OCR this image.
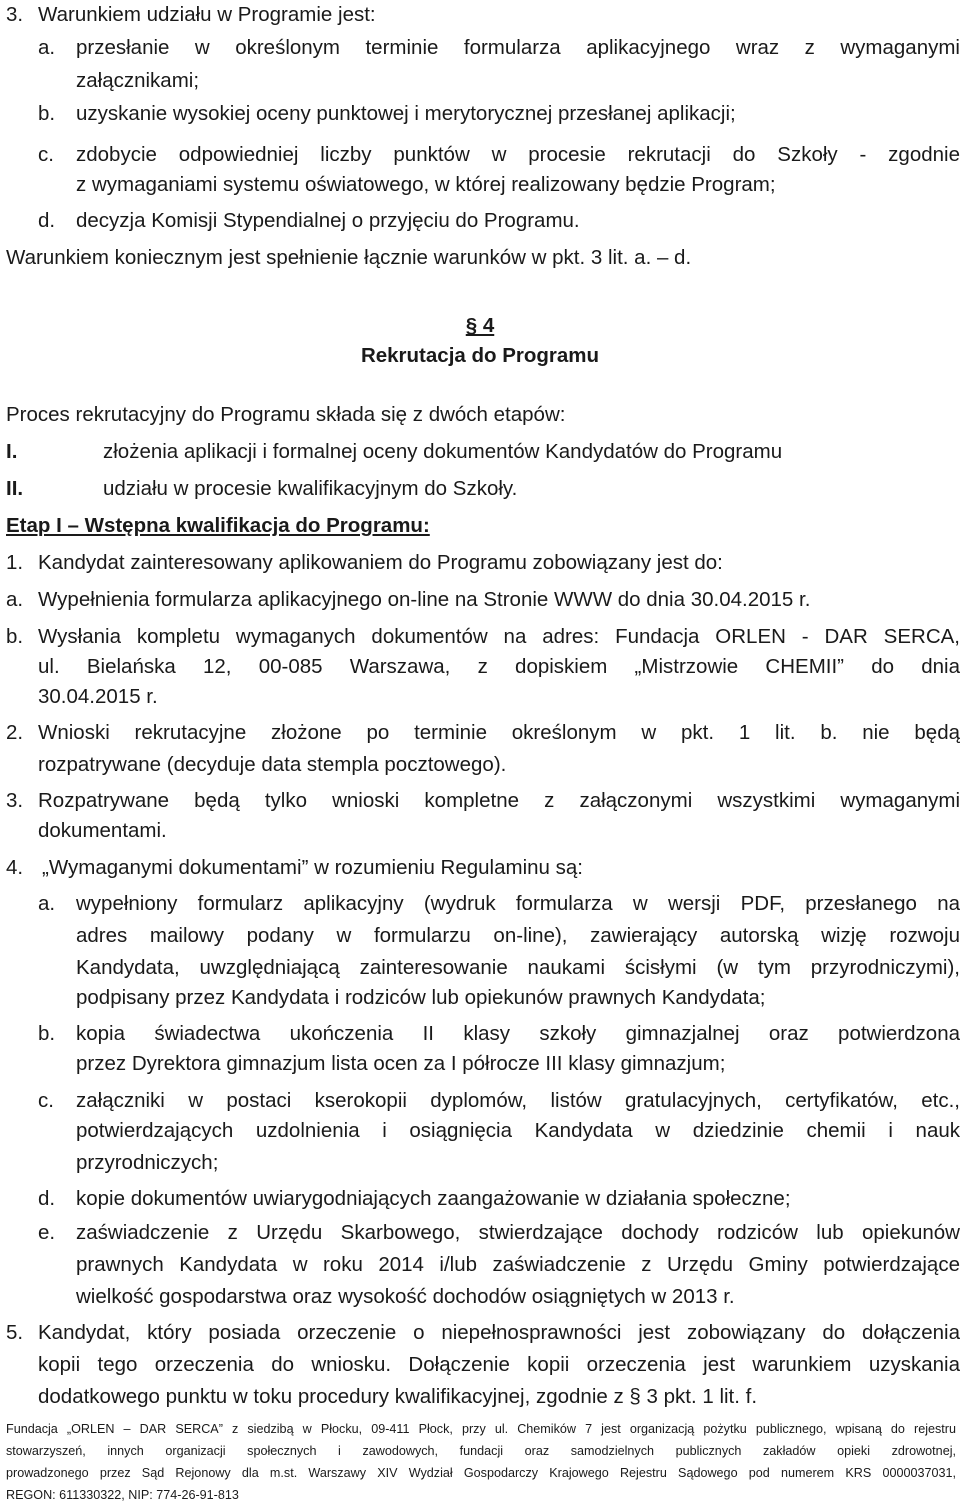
3. Warunkiem udziału w Programie jest:
a. przesłanie w określonym terminie formularza aplikacyjnego wraz z wymaganymi
załącznikami;
b. uzyskanie wysokiej oceny punktowej i merytorycznej przesłanej aplikacji;
c. zdobycie odpowiedniej liczby punktów w procesie rekrutacji do Szkoły - zgodnie
z wymaganiami systemu oświatowego, w której realizowany będzie Program;
d. decyzja Komisji Stypendialnej o przyjęciu do Programu.
Warunkiem koniecznym jest spełnienie łącznie warunków w pkt. 3 lit. a. – d.
§ 4
Rekrutacja do Programu
Proces rekrutacyjny do Programu składa się z dwóch etapów:
I.	złożenia aplikacji i formalnej oceny dokumentów Kandydatów do Programu
II.	udziału w procesie kwalifikacyjnym do Szkoły.
Etap I – Wstępna kwalifikacja do Programu:
1. Kandydat zainteresowany aplikowaniem do Programu zobowiązany jest do:
a. Wypełnienia formularza aplikacyjnego on-line na Stronie WWW do dnia 30.04.2015 r.
b. Wysłania kompletu wymaganych dokumentów na adres: Fundacja ORLEN - DAR SERCA,
ul. Bielańska 12, 00-085 Warszawa, z dopiskiem „Mistrzowie CHEMII” do dnia
30.04.2015 r.
2. Wnioski rekrutacyjne złożone po terminie określonym w pkt. 1 lit. b. nie będą
rozpatrywane (decyduje data stempla pocztowego).
3. Rozpatrywane będą tylko wnioski kompletne z załączonymi wszystkimi wymaganymi
dokumentami.
4. „Wymaganymi dokumentami” w rozumieniu Regulaminu są:
a. wypełniony formularz aplikacyjny (wydruk formularza w wersji PDF, przesłanego na
adres mailowy podany w formularzu on-line), zawierający autorską wizję rozwoju
Kandydata, uwzględniającą zainteresowanie naukami ścisłymi (w tym przyrodniczymi),
podpisany przez Kandydata i rodziców lub opiekunów prawnych Kandydata;
b. kopia świadectwa ukończenia II klasy szkoły gimnazjalnej oraz potwierdzona
przez Dyrektora gimnazjum lista ocen za I półrocze III klasy gimnazjum;
c. załączniki w postaci kserokopii dyplomów, listów gratulacyjnych, certyfikatów, etc.,
potwierdzających uzdolnienia i osiągnięcia Kandydata w dziedzinie chemii i nauk
przyrodniczych;
d. kopie dokumentów uwiarygodniających zaangażowanie w działania społeczne;
e. zaświadczenie z Urzędu Skarbowego, stwierdzające dochody rodziców lub opiekunów
prawnych Kandydata w roku 2014 i/lub zaświadczenie z Urzędu Gminy potwierdzające
wielkość gospodarstwa oraz wysokość dochodów osiągniętych w 2013 r.
5. Kandydat, który posiada orzeczenie o niepełnosprawności jest zobowiązany do dołączenia
kopii tego orzeczenia do wniosku. Dołączenie kopii orzeczenia jest warunkiem uzyskania
dodatkowego punktu w toku procedury kwalifikacyjnej, zgodnie z § 3 pkt. 1 lit. f.
Fundacja „ORLEN – DAR SERCA” z siedzibą w Płocku, 09-411 Płock, przy ul. Chemików 7 jest organizacją pożytku publicznego, wpisaną do rejestru
stowarzyszeń, innych organizacji społecznych i zawodowych, fundacji oraz samodzielnych publicznych zakładów opieki zdrowotnej,
prowadzonego przez Sąd Rejonowy dla m.st. Warszawy XIV Wydział Gospodarczy Krajowego Rejestru Sądowego pod numerem KRS 0000037031,
REGON: 611330322, NIP: 774-26-91-813
